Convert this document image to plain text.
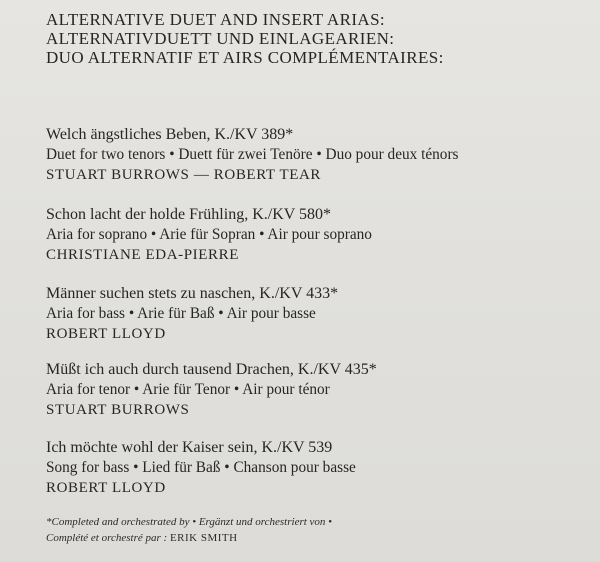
ALTERNATIVE DUET AND INSERT ARIAS:
ALTERNATIVDUETT UND EINLAGEARIEN:
DUO ALTERNATIF ET AIRS COMPLÉMENTAIRES:
Welch ängstliches Beben, K./KV 389*
Duet for two tenors • Duett für zwei Tenöre • Duo pour deux ténors
STUART BURROWS — ROBERT TEAR
Schon lacht der holde Frühling, K./KV 580*
Aria for soprano • Arie für Sopran • Air pour soprano
CHRISTIANE EDA-PIERRE
Männer suchen stets zu naschen, K./KV 433*
Aria for bass • Arie für Baß • Air pour basse
ROBERT LLOYD
Müßt ich auch durch tausend Drachen, K./KV 435*
Aria for tenor • Arie für Tenor • Air pour ténor
STUART BURROWS
Ich möchte wohl der Kaiser sein, K./KV 539
Song for bass • Lied für Baß • Chanson pour basse
ROBERT LLOYD
*Completed and orchestrated by • Ergänzt und orchestriert von •
Complété et orchestré par : ERIK SMITH
